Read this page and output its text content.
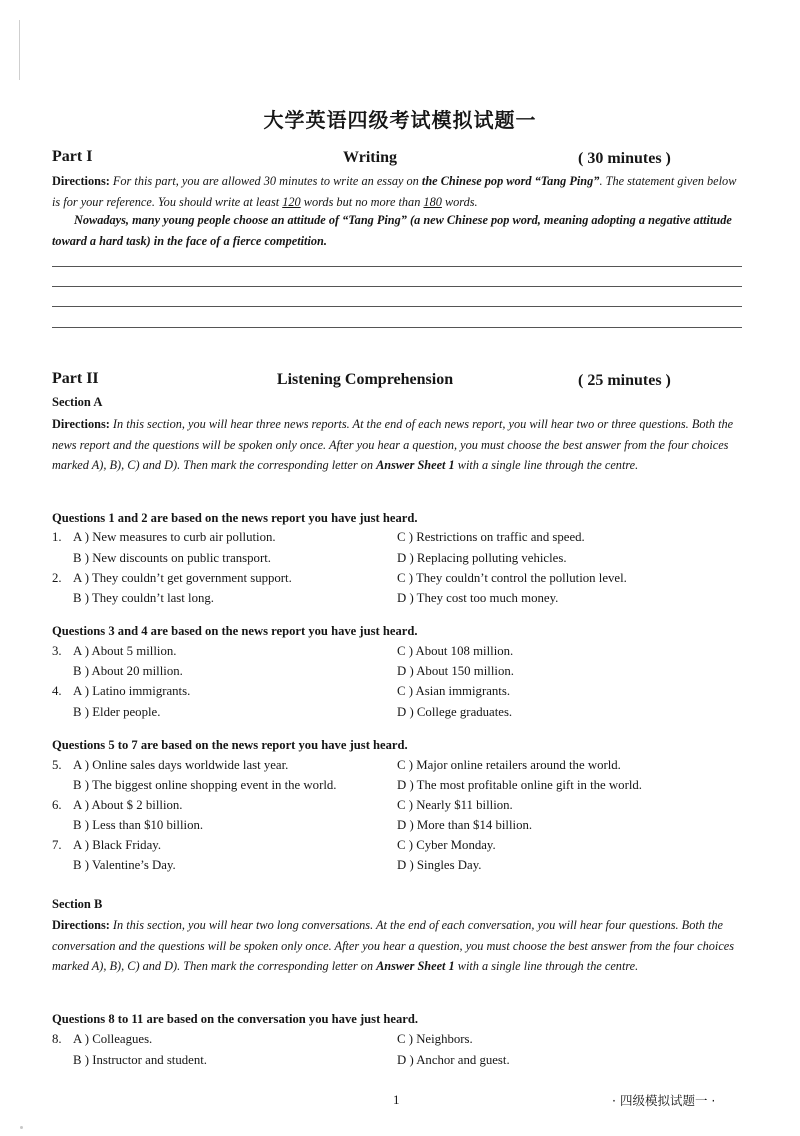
大学英语四级考试模拟试题一
Part I	Writing	( 30 minutes )
Directions: For this part, you are allowed 30 minutes to write an essay on the Chinese pop word “Tang Ping”. The statement given below is for your reference. You should write at least 120 words but no more than 180 words.
Nowadays, many young people choose an attitude of “Tang Ping” (a new Chinese pop word, meaning adopting a negative attitude toward a hard task) in the face of a fierce competition.
Part II	Listening Comprehension	( 25 minutes )
Section A
Directions: In this section, you will hear three news reports. At the end of each news report, you will hear two or three questions. Both the news report and the questions will be spoken only once. After you hear a question, you must choose the best answer from the four choices marked A), B), C) and D). Then mark the corresponding letter on Answer Sheet 1 with a single line through the centre.
Questions 1 and 2 are based on the news report you have just heard.
1. A ) New measures to curb air pollution.	C ) Restrictions on traffic and speed.
B ) New discounts on public transport.	D ) Replacing polluting vehicles.
2. A ) They couldn’t get government support.	C ) They couldn’t control the pollution level.
B ) They couldn’t last long.	D ) They cost too much money.
Questions 3 and 4 are based on the news report you have just heard.
3. A ) About 5 million.	C ) About 108 million.
B ) About 20 million.	D ) About 150 million.
4. A ) Latino immigrants.	C ) Asian immigrants.
B ) Elder people.	D ) College graduates.
Questions 5 to 7 are based on the news report you have just heard.
5. A ) Online sales days worldwide last year.	C ) Major online retailers around the world.
B ) The biggest online shopping event in the world.	D ) The most profitable online gift in the world.
6. A ) About $ 2 billion.	C ) Nearly $11 billion.
B ) Less than $10 billion.	D ) More than $14 billion.
7. A ) Black Friday.	C ) Cyber Monday.
B ) Valentine’s Day.	D ) Singles Day.
Section B
Directions: In this section, you will hear two long conversations. At the end of each conversation, you will hear four questions. Both the conversation and the questions will be spoken only once. After you hear a question, you must choose the best answer from the four choices marked A), B), C) and D). Then mark the corresponding letter on Answer Sheet 1 with a single line through the centre.
Questions 8 to 11 are based on the conversation you have just heard.
8. A ) Colleagues.	C ) Neighbors.
B ) Instructor and student.	D ) Anchor and guest.
1	· 四级模拟试题一 ·
